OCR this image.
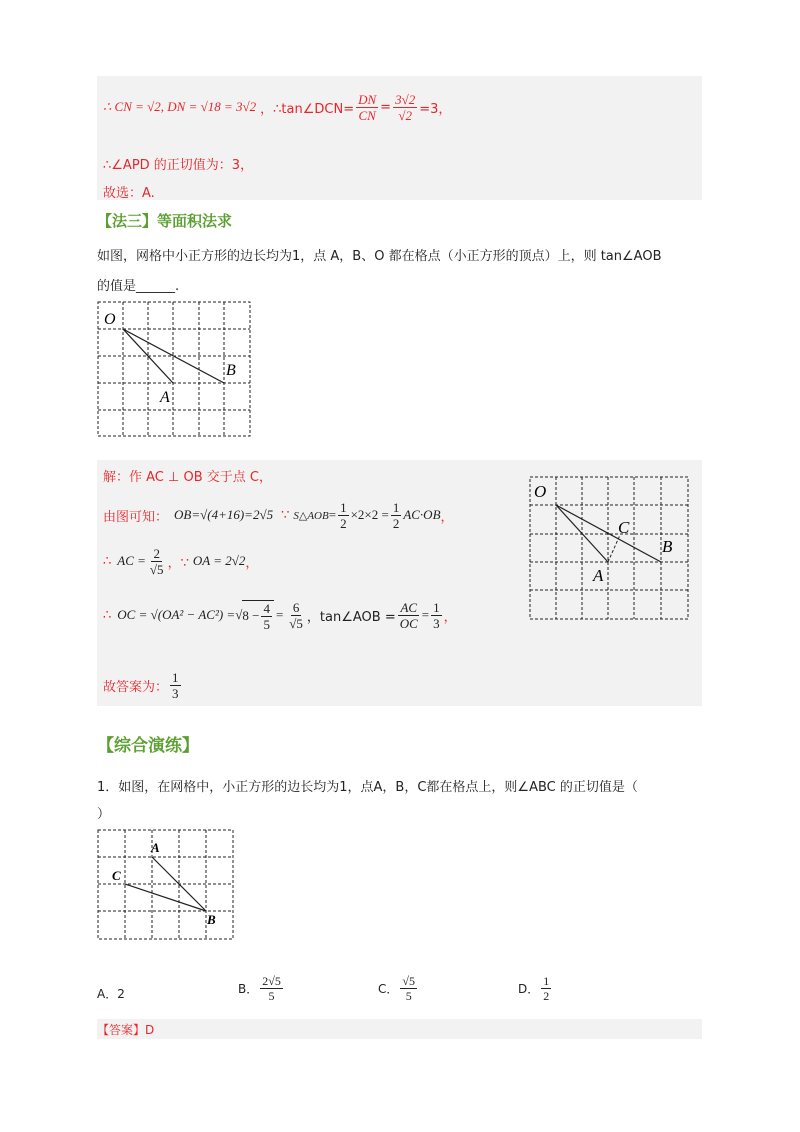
∴ CN = √2, DN = √18 = 3√2 ，∴tan∠DCN= $\frac{DN}{CN} = \frac{3√2}{√2} =3$，
∴∠APD 的正切值为：3，
故选：A.
【法三】等面积法求
如图，网格中小正方形的边长均为1，点 A，B、O 都在格点（小正方形的顶点）上，则 tan∠AOB
的值是______.
O
A
B
解：作 AC ⊥ OB 交于点 C，
由图可知： OB=√(4+16)=2√5 ∵ S△AOB = $\frac{1}{2} \times 2\times 2 = \frac{1}{2} AC\cdot OB$ ，
∴ AC = $\frac{2}{√5}$ ，∵ OA = 2√2 ，
∴ OC = √(OA² − AC²) = √ $8 - \frac{4}{5} = \frac{6}{√5}$ ，tan∠AOB = $\frac{AC}{OC} = \frac{1}{3}$ ，
故答案为： $\frac{1}{3}$
O
C
A
B
【综合演练】
1．如图，在网格中，小正方形的边长均为1，点A，B，C都在格点上，则∠ABC 的正切值是（
）
A
C
B
A．2	B． $\frac{2√5}{5}$	C． $\frac{√5}{5}$	D． $\frac{1}{2}$
【答案】D
